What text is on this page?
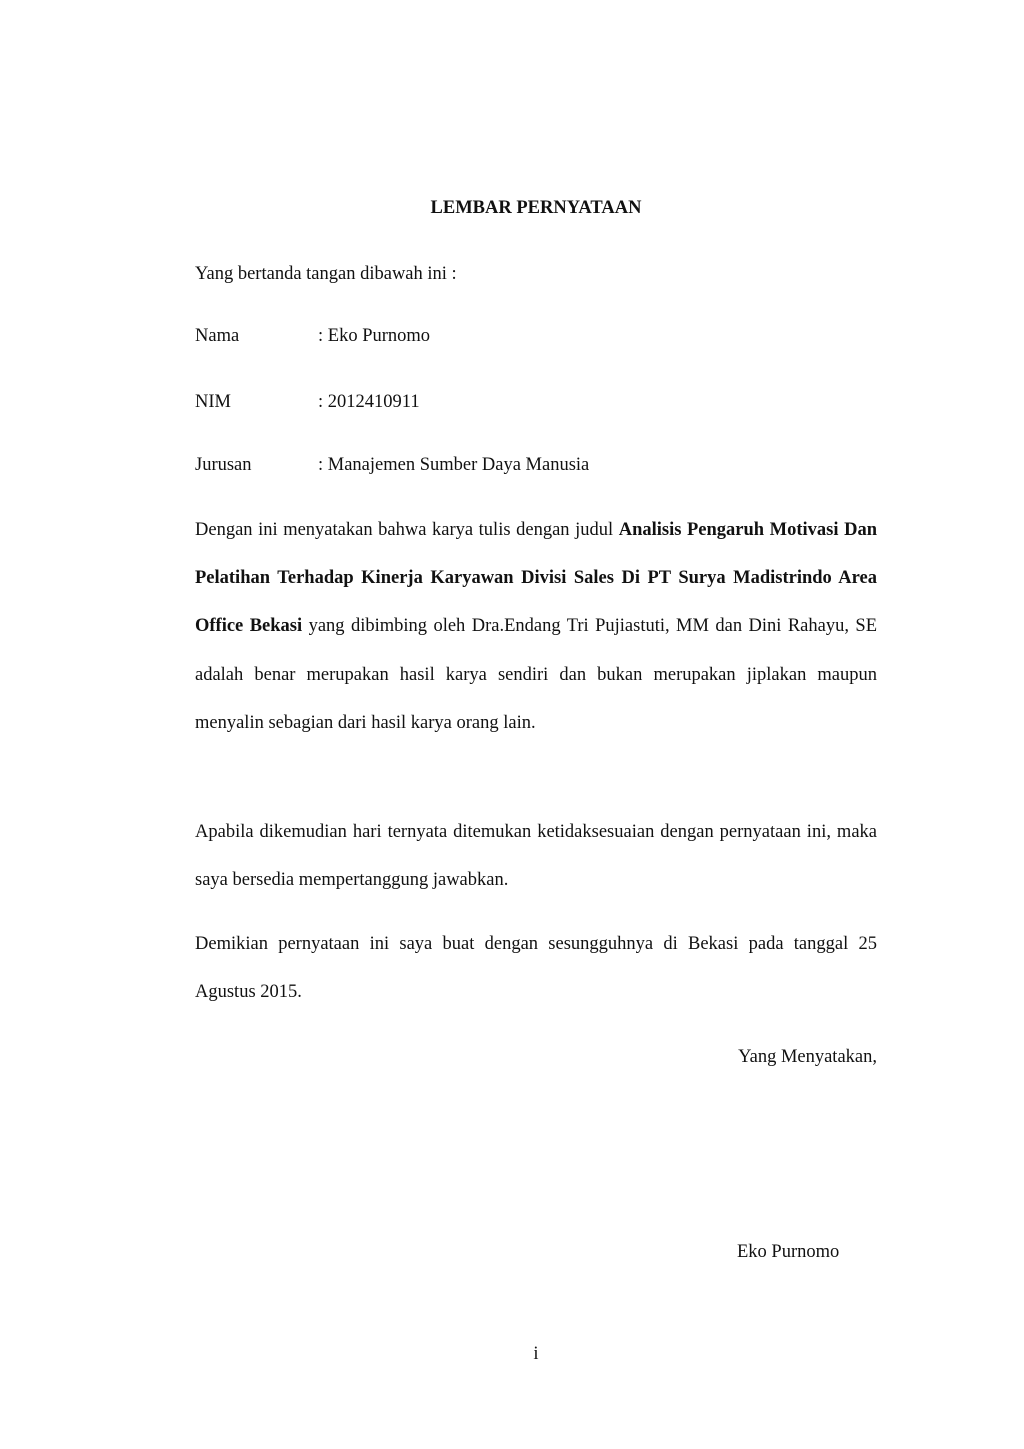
LEMBAR PERNYATAAN
Yang bertanda tangan dibawah ini :
Nama	: Eko Purnomo
NIM	: 2012410911
Jurusan	: Manajemen Sumber Daya Manusia

Dengan ini menyatakan bahwa karya tulis dengan judul Analisis Pengaruh Motivasi Dan Pelatihan Terhadap Kinerja Karyawan Divisi Sales Di PT Surya Madistrindo Area Office Bekasi yang dibimbing oleh Dra.Endang Tri Pujiastuti, MM dan Dini Rahayu, SE adalah benar merupakan hasil karya sendiri dan bukan merupakan jiplakan maupun menyalin sebagian dari hasil karya orang lain.

Apabila dikemudian hari ternyata ditemukan ketidaksesuaian dengan pernyataan ini, maka saya bersedia mempertanggung jawabkan.

Demikian pernyataan ini saya buat dengan sesungguhnya di Bekasi pada tanggal 25 Agustus 2015.

Yang Menyatakan,
Eko Purnomo
i
